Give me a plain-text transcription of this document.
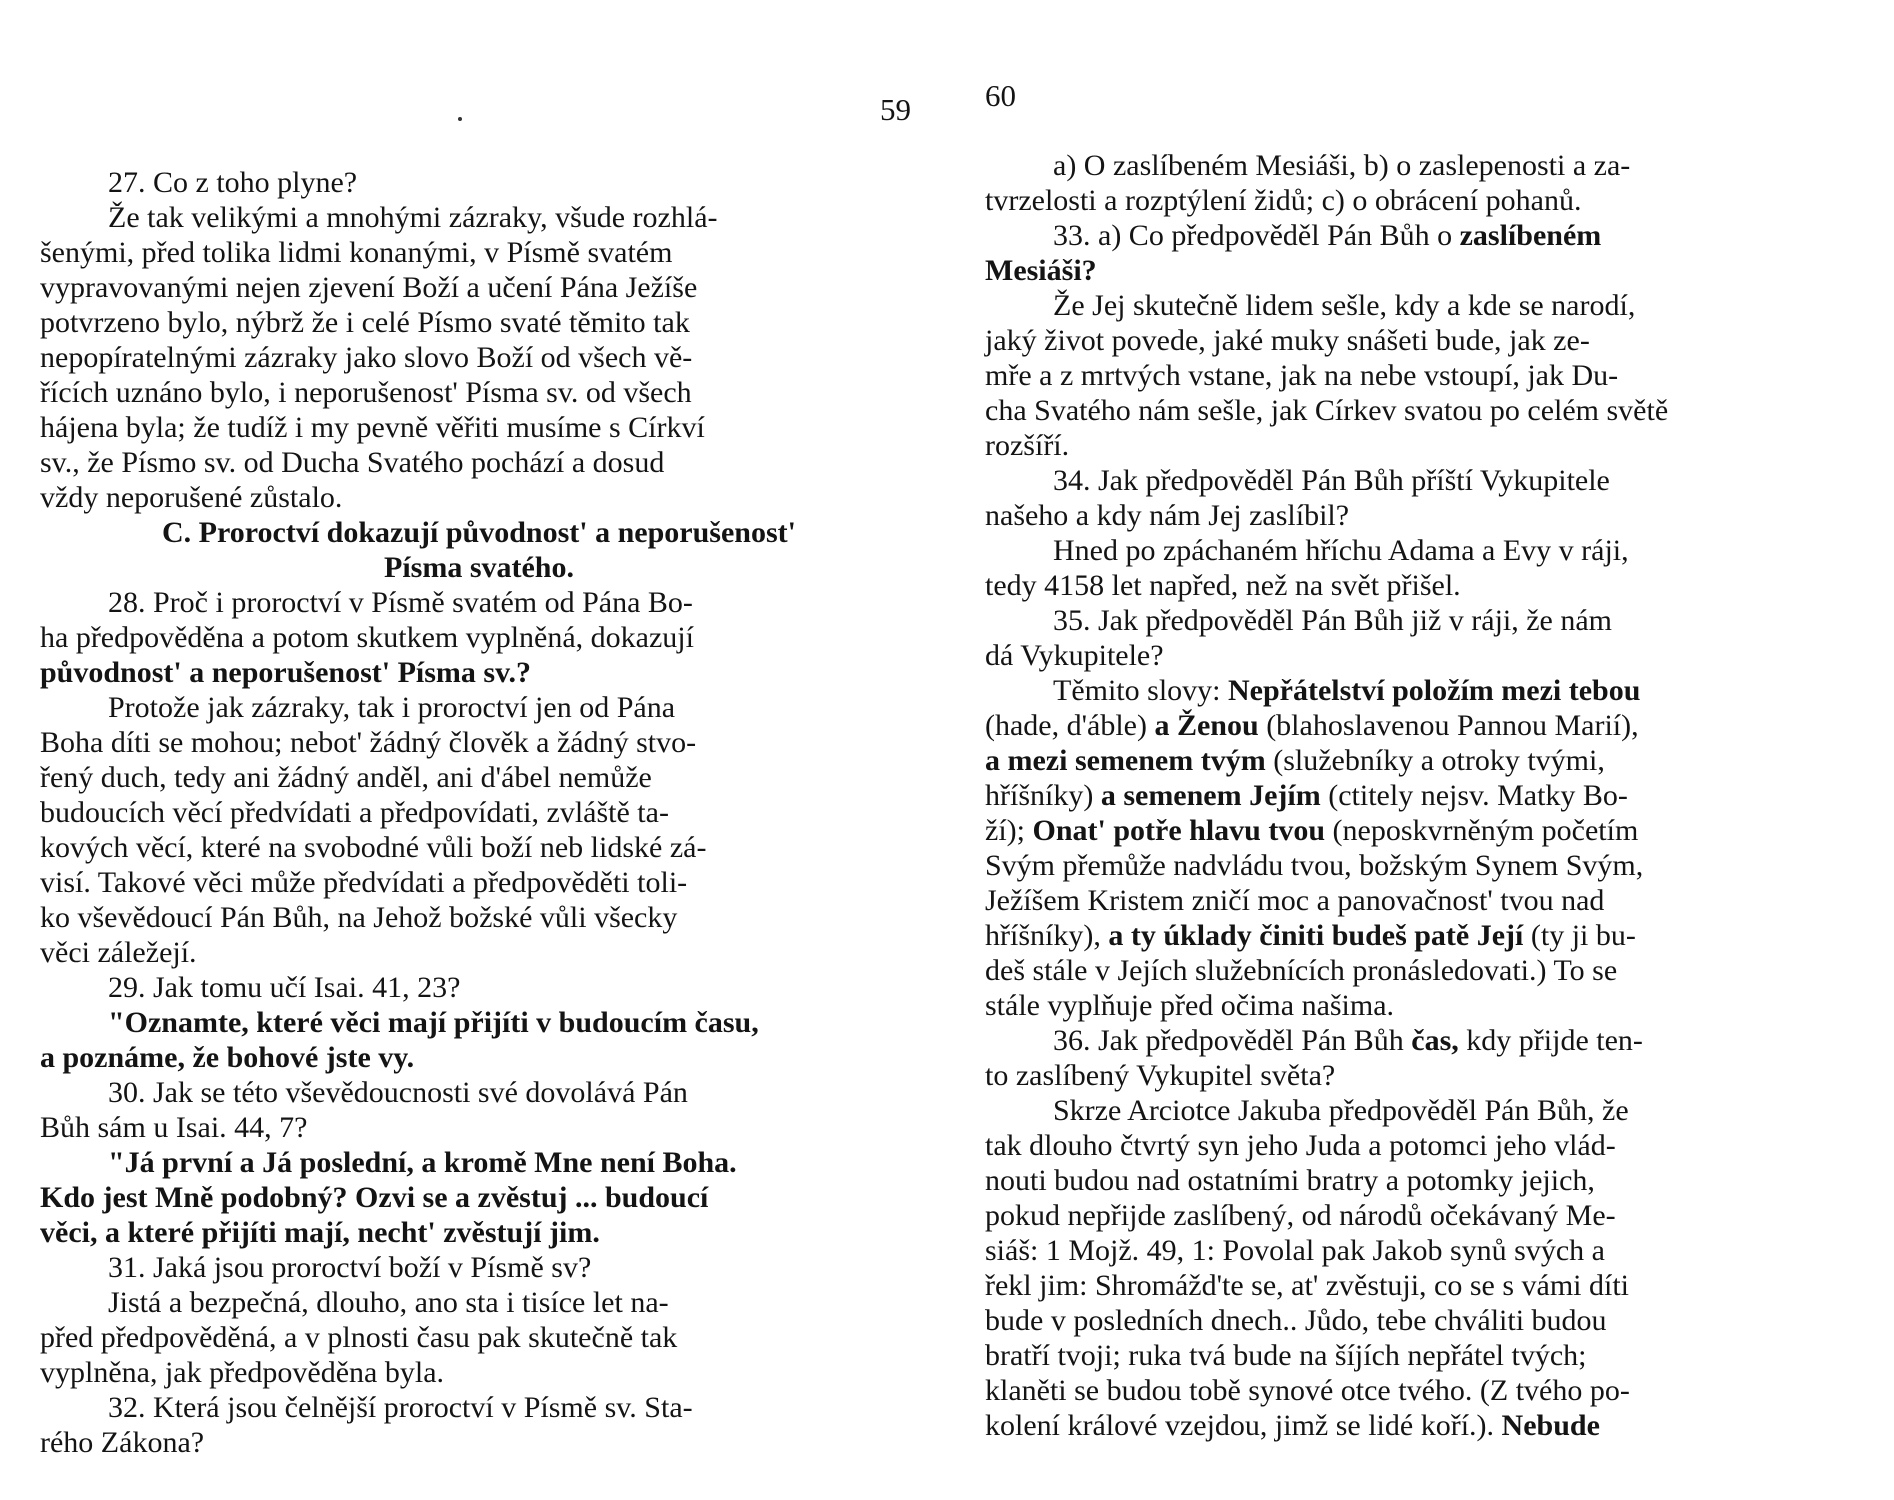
59
27. Co z toho plyne?
Že tak velikými a mnohými zázraky, všude rozhlá-
šenými, před tolika lidmi konanými, v Písmě svatém
vypravovanými nejen zjevení Boží a učení Pána Ježíše
potvrzeno bylo, nýbrž že i celé Písmo svaté těmito tak
nepopíratelnými zázraky jako slovo Boží od všech vě-
řících uznáno bylo, i neporušenost' Písma sv. od všech
hájena byla; že tudíž i my pevně věřiti musíme s Církví
sv., že Písmo sv. od Ducha Svatého pochází a dosud
vždy neporušené zůstalo.
C. Proroctví dokazují původnost' a neporušenost'
Písma svatého.
28. Proč i proroctví v Písmě svatém od Pána Bo-
ha předpověděna a potom skutkem vyplněná, dokazují
původnost' a neporušenost' Písma sv.?
Protože jak zázraky, tak i proroctví jen od Pána
Boha díti se mohou; nebot' žádný člověk a žádný stvo-
řený duch, tedy ani žádný anděl, ani d'ábel nemůže
budoucích věcí předvídati a předpovídati, zvláště ta-
kových věcí, které na svobodné vůli boží neb lidské zá-
visí. Takové věci může předvídati a předpověděti toli-
ko vševědoucí Pán Bůh, na Jehož božské vůli všecky
věci záležejí.
29. Jak tomu učí Isai. 41, 23?
"Oznamte, které věci mají přijíti v budoucím času,
a poznáme, že bohové jste vy.
30. Jak se této vševědoucnosti své dovolává Pán
Bůh sám u Isai. 44, 7?
"Já první a Já poslední, a kromě Mne není Boha.
Kdo jest Mně podobný? Ozvi se a zvěstuj ... budoucí
věci, a které přijíti mají, necht' zvěstují jim.
31. Jaká jsou proroctví boží v Písmě sv?
Jistá a bezpečná, dlouho, ano sta i tisíce let na-
před předpověděná, a v plnosti času pak skutečně tak
vyplněna, jak předpověděna byla.
32. Která jsou čelnější proroctví v Písmě sv. Sta-
rého Zákona?
60
a) O zaslíbeném Mesiáši, b) o zaslepenosti a za-
tvrzelosti a rozptýlení židů; c) o obrácení pohanů.
33. a) Co předpověděl Pán Bůh o zaslíbeném
Mesiáši?
Že Jej skutečně lidem sešle, kdy a kde se narodí,
jaký život povede, jaké muky snášeti bude, jak ze-
mře a z mrtvých vstane, jak na nebe vstoupí, jak Du-
cha Svatého nám sešle, jak Církev svatou po celém světě
rozšíří.
34. Jak předpověděl Pán Bůh příští Vykupitele
našeho a kdy nám Jej zaslíbil?
Hned po zpáchaném hříchu Adama a Evy v ráji,
tedy 4158 let napřed, než na svět přišel.
35. Jak předpověděl Pán Bůh již v ráji, že nám
dá Vykupitele?
Těmito slovy: Nepřátelství položím mezi tebou
(hade, d'áble) a Ženou (blahoslavenou Pannou Marií),
a mezi semenem tvým (služebníky a otroky tvými,
hříšníky) a semenem Jejím (ctitely nejsv. Matky Bo-
ží); Onat' potře hlavu tvou (neposkvrněným početím
Svým přemůže nadvládu tvou, božským Synem Svým,
Ježíšem Kristem zničí moc a panovačnost' tvou nad
hříšníky), a ty úklady činiti budeš patě Její (ty ji bu-
deš stále v Jejích služebnících pronásledovati.) To se
stále vyplňuje před očima našima.
36. Jak předpověděl Pán Bůh čas, kdy přijde ten-
to zaslíbený Vykupitel světa?
Skrze Arciotce Jakuba předpověděl Pán Bůh, že
tak dlouho čtvrtý syn jeho Juda a potomci jeho vlád-
nouti budou nad ostatními bratry a potomky jejich,
pokud nepřijde zaslíbený, od národů očekávaný Me-
siáš: 1 Mojž. 49, 1: Povolal pak Jakob synů svých a
řekl jim: Shromážd'te se, at' zvěstuji, co se s vámi díti
bude v posledních dnech.. Jůdo, tebe chváliti budou
bratří tvoji; ruka tvá bude na šíjích nepřátel tvých;
klaněti se budou tobě synové otce tvého. (Z tvého po-
kolení králové vzejdou, jimž se lidé koří.). Nebude
